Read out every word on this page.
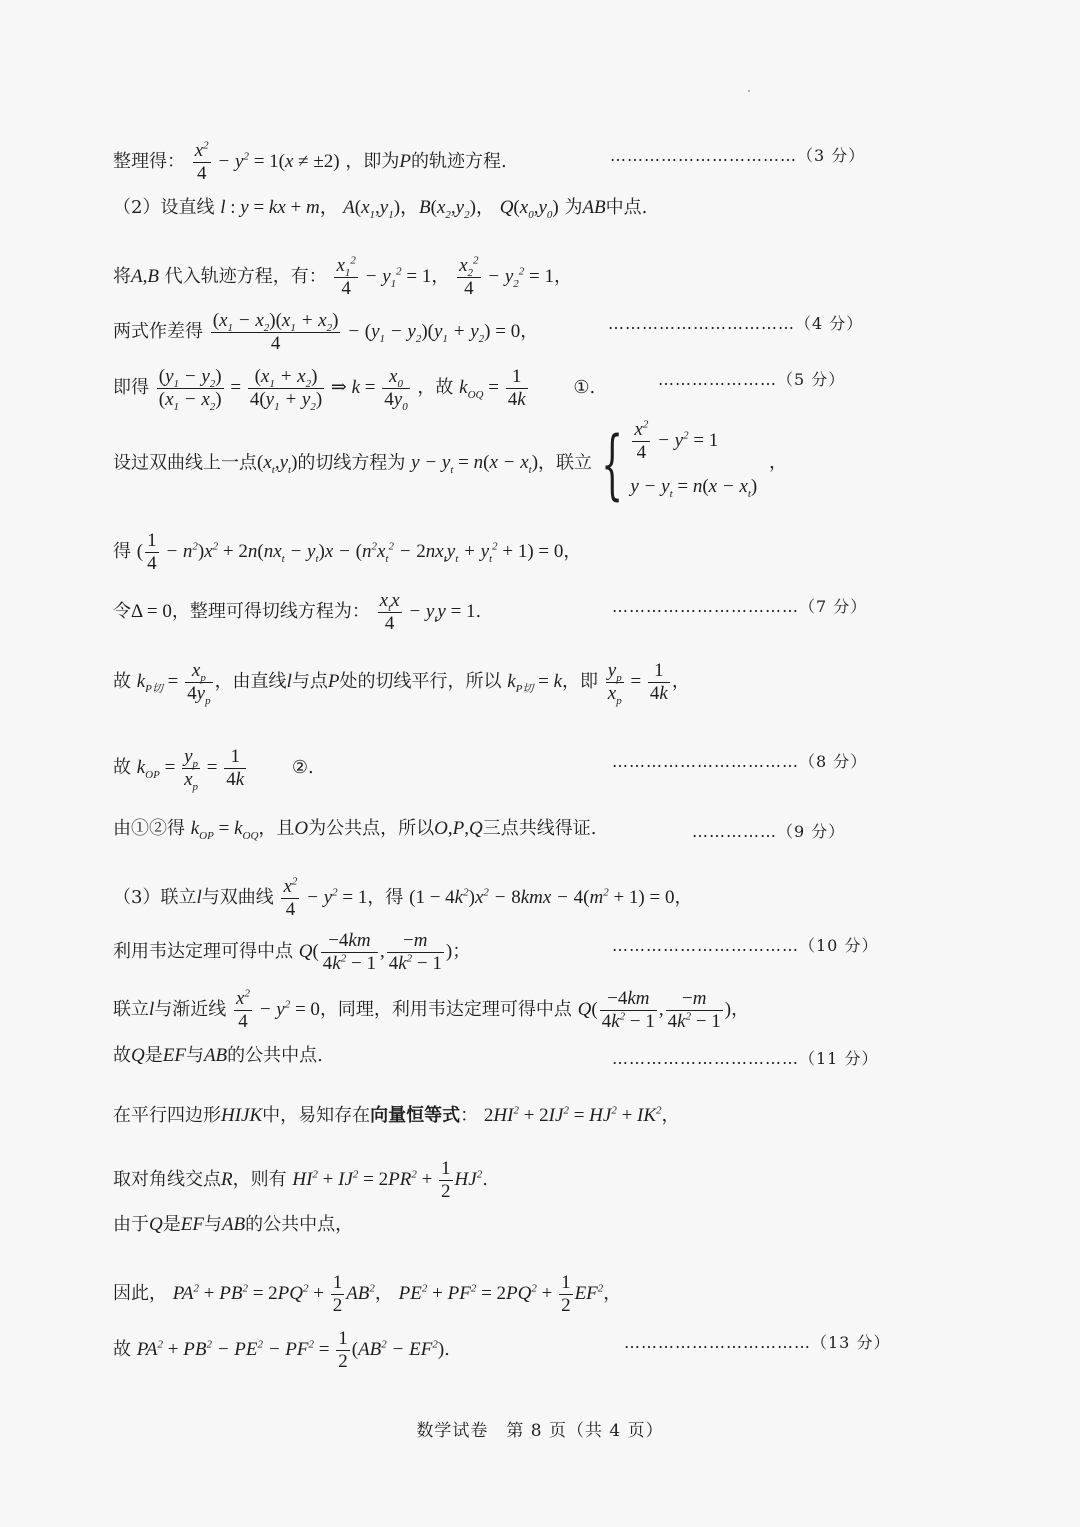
整理得： $\frac{x^2}{4} - y^2 = 1(x \ne \pm 2)$ ，即为P的轨迹方程.	……………………………（3 分）
（2）设直线 l : y = kx + m， $A(x_1,y_1)$，$B(x_2,y_2)$， $Q(x_0,y_0)$ 为AB中点.
将A,B 代入轨迹方程，有： $\frac{x_1^2}{4} - y_1^2 = 1$， $\frac{x_2^2}{4} - y_2^2 = 1$，
两式作差得 $\frac{(x_1 - x_2)(x_1 + x_2)}{4} - (y_1 - y_2)(y_1 + y_2) = 0$，	……………………………（4 分）
即得 $\frac{(y_1 - y_2)}{(x_1 - x_2)} = \frac{(x_1 + x_2)}{4(y_1 + y_2)}$ ⇒ $k = \frac{x_0}{4y_0}$ ，故 $k_{OQ} = \frac{1}{4k}$	①.	…………………（5 分）
设过双曲线上一点$(x_t,y_t)$的切线方程为 $y - y_t = n(x - x_t)$，联立 { $\frac{x^2}{4} - y^2 = 1$
$y - y_t = n(x - x_t)$
，
得 ( $\frac{1}{4} - n^2)x^2 + 2n(nx_t - y_t)x - (n^2x_t^2 - 2nx_ty_t + y_t^2 + 1) = 0$，
令Δ = 0，整理可得切线方程为： $\frac{x_tx}{4} - y_ty = 1$.	……………………………（7 分）
故 $k_{P切} = \frac{x_p}{4y_p}$ ，由直线l与点P处的切线平行，所以 $k_{P切} = k$，即 $\frac{y_p}{x_p} = \frac{1}{4k}$ ，
故 $k_{OP} = \frac{y_p}{x_p} = \frac{1}{4k}$	②.	……………………………（8 分）
由①②得 $k_{OP} = k_{OQ}$，且O为公共点，所以O,P,Q三点共线得证.	……………（9 分）
（3）联立l与双曲线 $\frac{x^2}{4} - y^2 = 1$，得 $(1 - 4k^2)x^2 - 8kmx - 4(m^2 + 1) = 0$，
利用韦达定理可得中点 $Q( \frac{-4km}{4k^2 - 1}$ , $\frac{-m}{4k^2 - 1}$ )；	……………………………（10 分）
联立l与渐近线 $\frac{x^2}{4} - y^2 = 0$，同理，利用韦达定理可得中点 $Q( \frac{-4km}{4k^2 - 1}$ , $\frac{-m}{4k^2 - 1}$ )，
故Q是EF与AB的公共中点.	……………………………（11 分）
在平行四边形HIJK中，易知存在向量恒等式： $2HI^2 + 2IJ^2 = HJ^2 + IK^2$，
取对角线交点R，则有 $HI^2 + IJ^2 = 2PR^2 + \frac{1}{2} HJ^2$.
由于Q是EF与AB的公共中点，
因此， $PA^2 + PB^2 = 2PQ^2 + \frac{1}{2} AB^2$， $PE^2 + PF^2 = 2PQ^2 + \frac{1}{2} EF^2$，
故 $PA^2 + PB^2 - PE^2 - PF^2 = \frac{1}{2} (AB^2 - EF^2)$.	……………………………（13 分）
数学试卷　第 8 页（共 4 页）
